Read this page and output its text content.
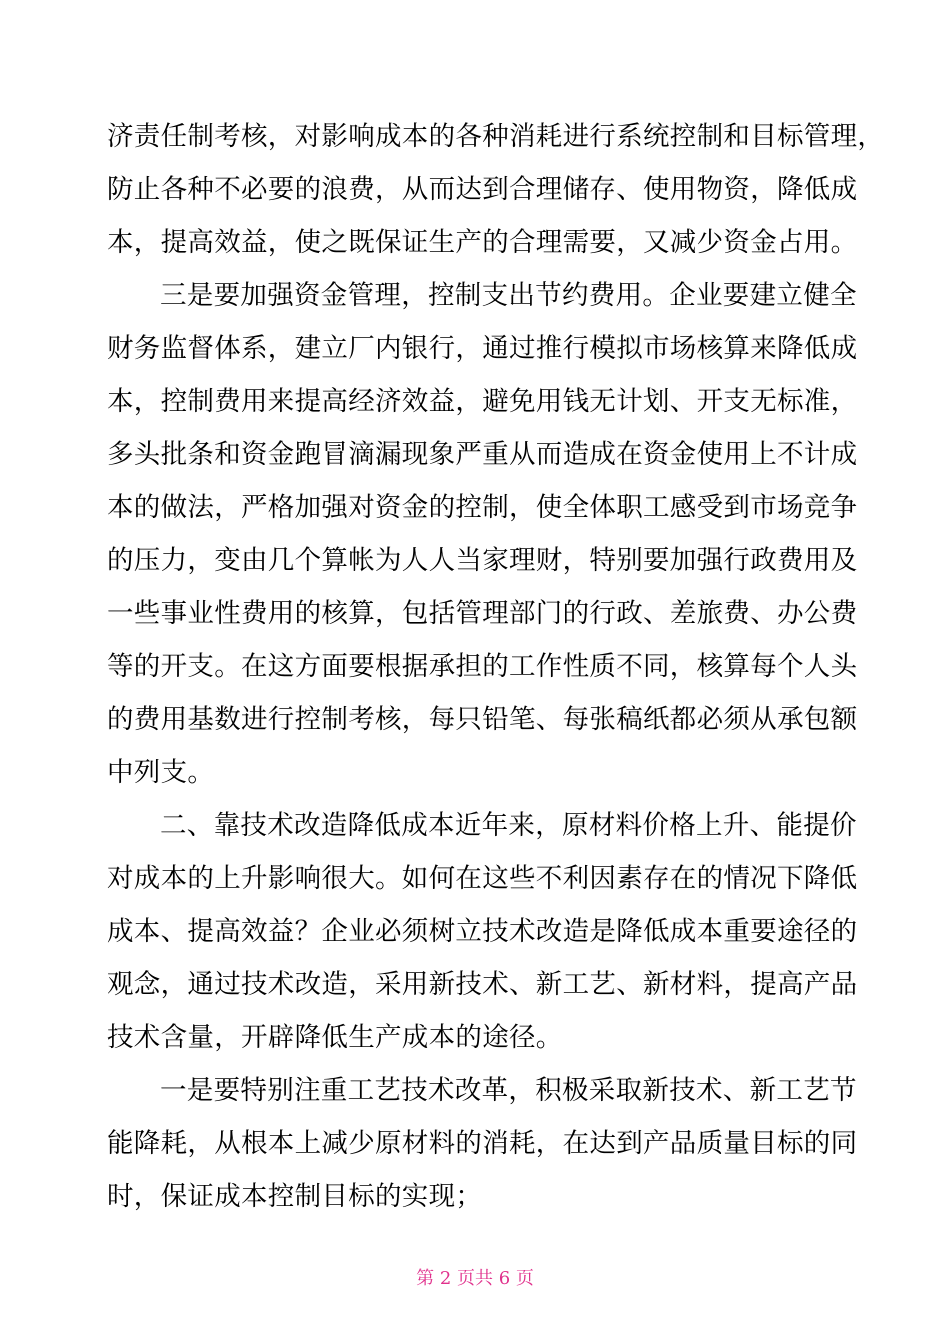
济责任制考核，对影响成本的各种消耗进行系统控制和目标管理，
防止各种不必要的浪费，从而达到合理储存、使用物资，降低成
本，提高效益，使之既保证生产的合理需要，又减少资金占用。
三是要加强资金管理，控制支出节约费用。企业要建立健全
财务监督体系，建立厂内银行，通过推行模拟市场核算来降低成
本，控制费用来提高经济效益，避免用钱无计划、开支无标准，
多头批条和资金跑冒滴漏现象严重从而造成在资金使用上不计成
本的做法，严格加强对资金的控制，使全体职工感受到市场竞争
的压力，变由几个算帐为人人当家理财，特别要加强行政费用及
一些事业性费用的核算，包括管理部门的行政、差旅费、办公费
等的开支。在这方面要根据承担的工作性质不同，核算每个人头
的费用基数进行控制考核，每只铅笔、每张稿纸都必须从承包额
中列支。
二、靠技术改造降低成本近年来，原材料价格上升、能提价
对成本的上升影响很大。如何在这些不利因素存在的情况下降低
成本、提高效益？企业必须树立技术改造是降低成本重要途径的
观念，通过技术改造，采用新技术、新工艺、新材料，提高产品
技术含量，开辟降低生产成本的途径。
一是要特别注重工艺技术改革，积极采取新技术、新工艺节
能降耗，从根本上减少原材料的消耗，在达到产品质量目标的同
时，保证成本控制目标的实现；
第 2 页共 6 页
